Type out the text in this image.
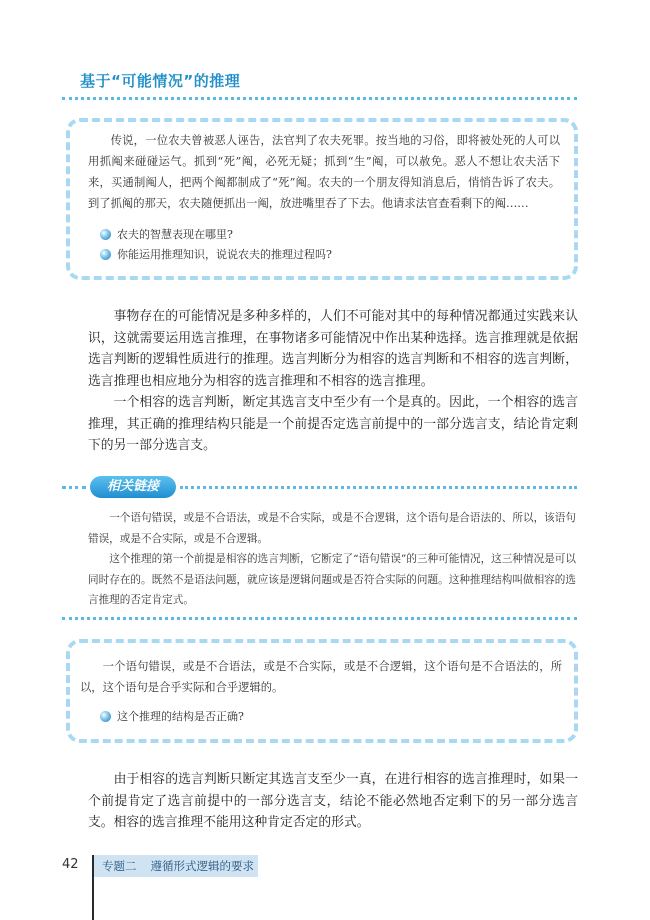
基于“可能情况”的推理
传说，一位农夫曾被恶人诬告，法官判了农夫死罪。按当地的习俗，即将被处死的人可以用抓阄来碰碰运气。抓到“死”阄，必死无疑；抓到“生”阄，可以赦免。恶人不想让农夫活下来，买通制阄人，把两个阄都制成了“死”阄。农夫的一个朋友得知消息后，悄悄告诉了农夫。到了抓阄的那天，农夫随便抓出一阄，放进嘴里吞了下去。他请求法官查看剩下的阄……
农夫的智慧表现在哪里?
你能运用推理知识，说说农夫的推理过程吗?

事物存在的可能情况是多种多样的，人们不可能对其中的每种情况都通过实践来认识，这就需要运用选言推理，在事物诸多可能情况中作出某种选择。选言推理就是依据选言判断的逻辑性质进行的推理。选言判断分为相容的选言判断和不相容的选言判断，选言推理也相应地分为相容的选言推理和不相容的选言推理。

一个相容的选言判断，断定其选言支中至少有一个是真的。因此，一个相容的选言推理，其正确的推理结构只能是一个前提否定选言前提中的一部分选言支，结论肯定剩下的另一部分选言支。

相关链接

一个语句错误，或是不合语法，或是不合实际，或是不合逻辑，这个语句是合语法的、所以，该语句错误，或是不合实际，或是不合逻辑。

这个推理的第一个前提是相容的选言判断，它断定了“语句错误”的三种可能情况，这三种情况是可以同时存在的。既然不是语法问题，就应该是逻辑问题或是否符合实际的问题。这种推理结构叫做相容的选言推理的否定肯定式。

一个语句错误，或是不合语法，或是不合实际，或是不合逻辑，这个语句是不合语法的，所以，这个语句是合乎实际和合乎逻辑的。
这个推理的结构是否正确?

由于相容的选言判断只断定其选言支至少一真，在进行相容的选言推理时，如果一个前提肯定了选言前提中的一部分选言支，结论不能必然地否定剩下的另一部分选言支。相容的选言推理不能用这种肯定否定的形式。

42 专题二 遵循形式逻辑的要求
